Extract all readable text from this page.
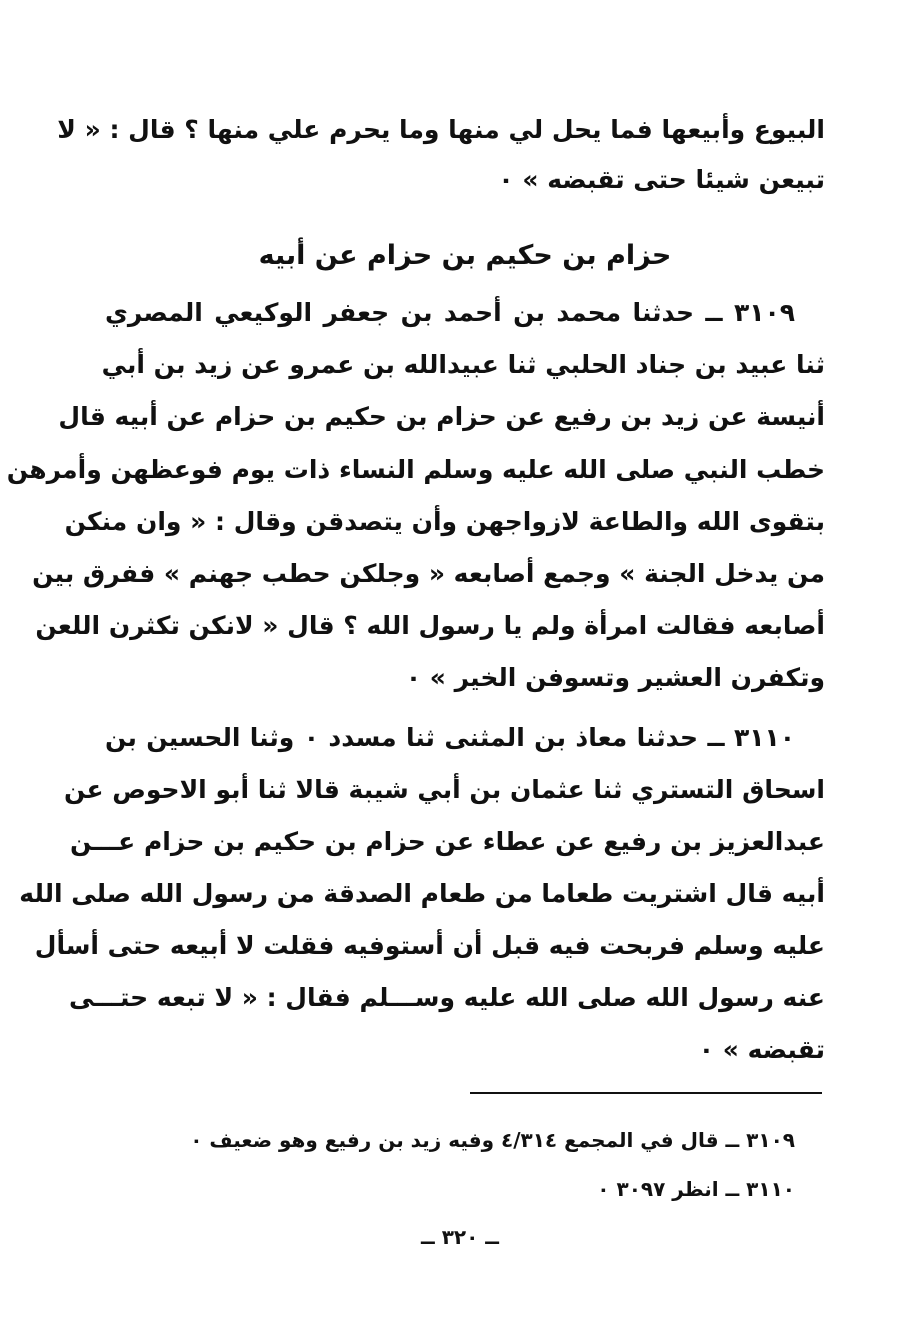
البيوع وأبيعها فما يحل لي منها وما يحرم علي منها ؟ قال : « لا
تبيعن شيئا حتى تقبضه » ٠
حزام بن حكيم بن حزام عن أبيه
٣١٠٩ ــ حدثنا محمد بن أحمد بن جعفر الوكيعي المصري
ثنا عبيد بن جناد الحلبي ثنا عبيدالله بن عمرو عن زيد بن أبي
أنيسة عن زيد بن رفيع عن حزام بن حكيم بن حزام عن أبيه قال
خطب النبي صلى الله عليه وسلم النساء ذات يوم فوعظهن وأمرهن
بتقوى الله والطاعة لازواجهن وأن يتصدقن وقال : « وان منكن
من يدخل الجنة » وجمع أصابعه « وجلكن حطب جهنم » ففرق بين
أصابعه فقالت امرأة ولم يا رسول الله ؟ قال « لانكن تكثرن اللعن
وتكفرن العشير وتسوفن الخير » ٠
٣١١٠ ــ حدثنا معاذ بن المثنى ثنا مسدد ٠ وثنا الحسين بن
اسحاق التستري ثنا عثمان بن أبي شيبة قالا ثنا أبو الاحوص عن
عبدالعزيز بن رفيع عن عطاء عن حزام بن حكيم بن حزام عـــن
أبيه قال اشتريت طعاما من طعام الصدقة من رسول الله صلى الله
عليه وسلم فربحت فيه قبل أن أستوفيه فقلت لا أبيعه حتى أسأل
عنه رسول الله صلى الله عليه وســـلم فقال : « لا تبعه حتـــى
تقبضه » ٠
٣١٠٩ ــ قال في المجمع ٤/٣١٤ وفيه زيد بن رفيع وهو ضعيف ٠
٣١١٠ ــ انظر ٣٠٩٧ ٠
ــ ٣٢٠ ــ
